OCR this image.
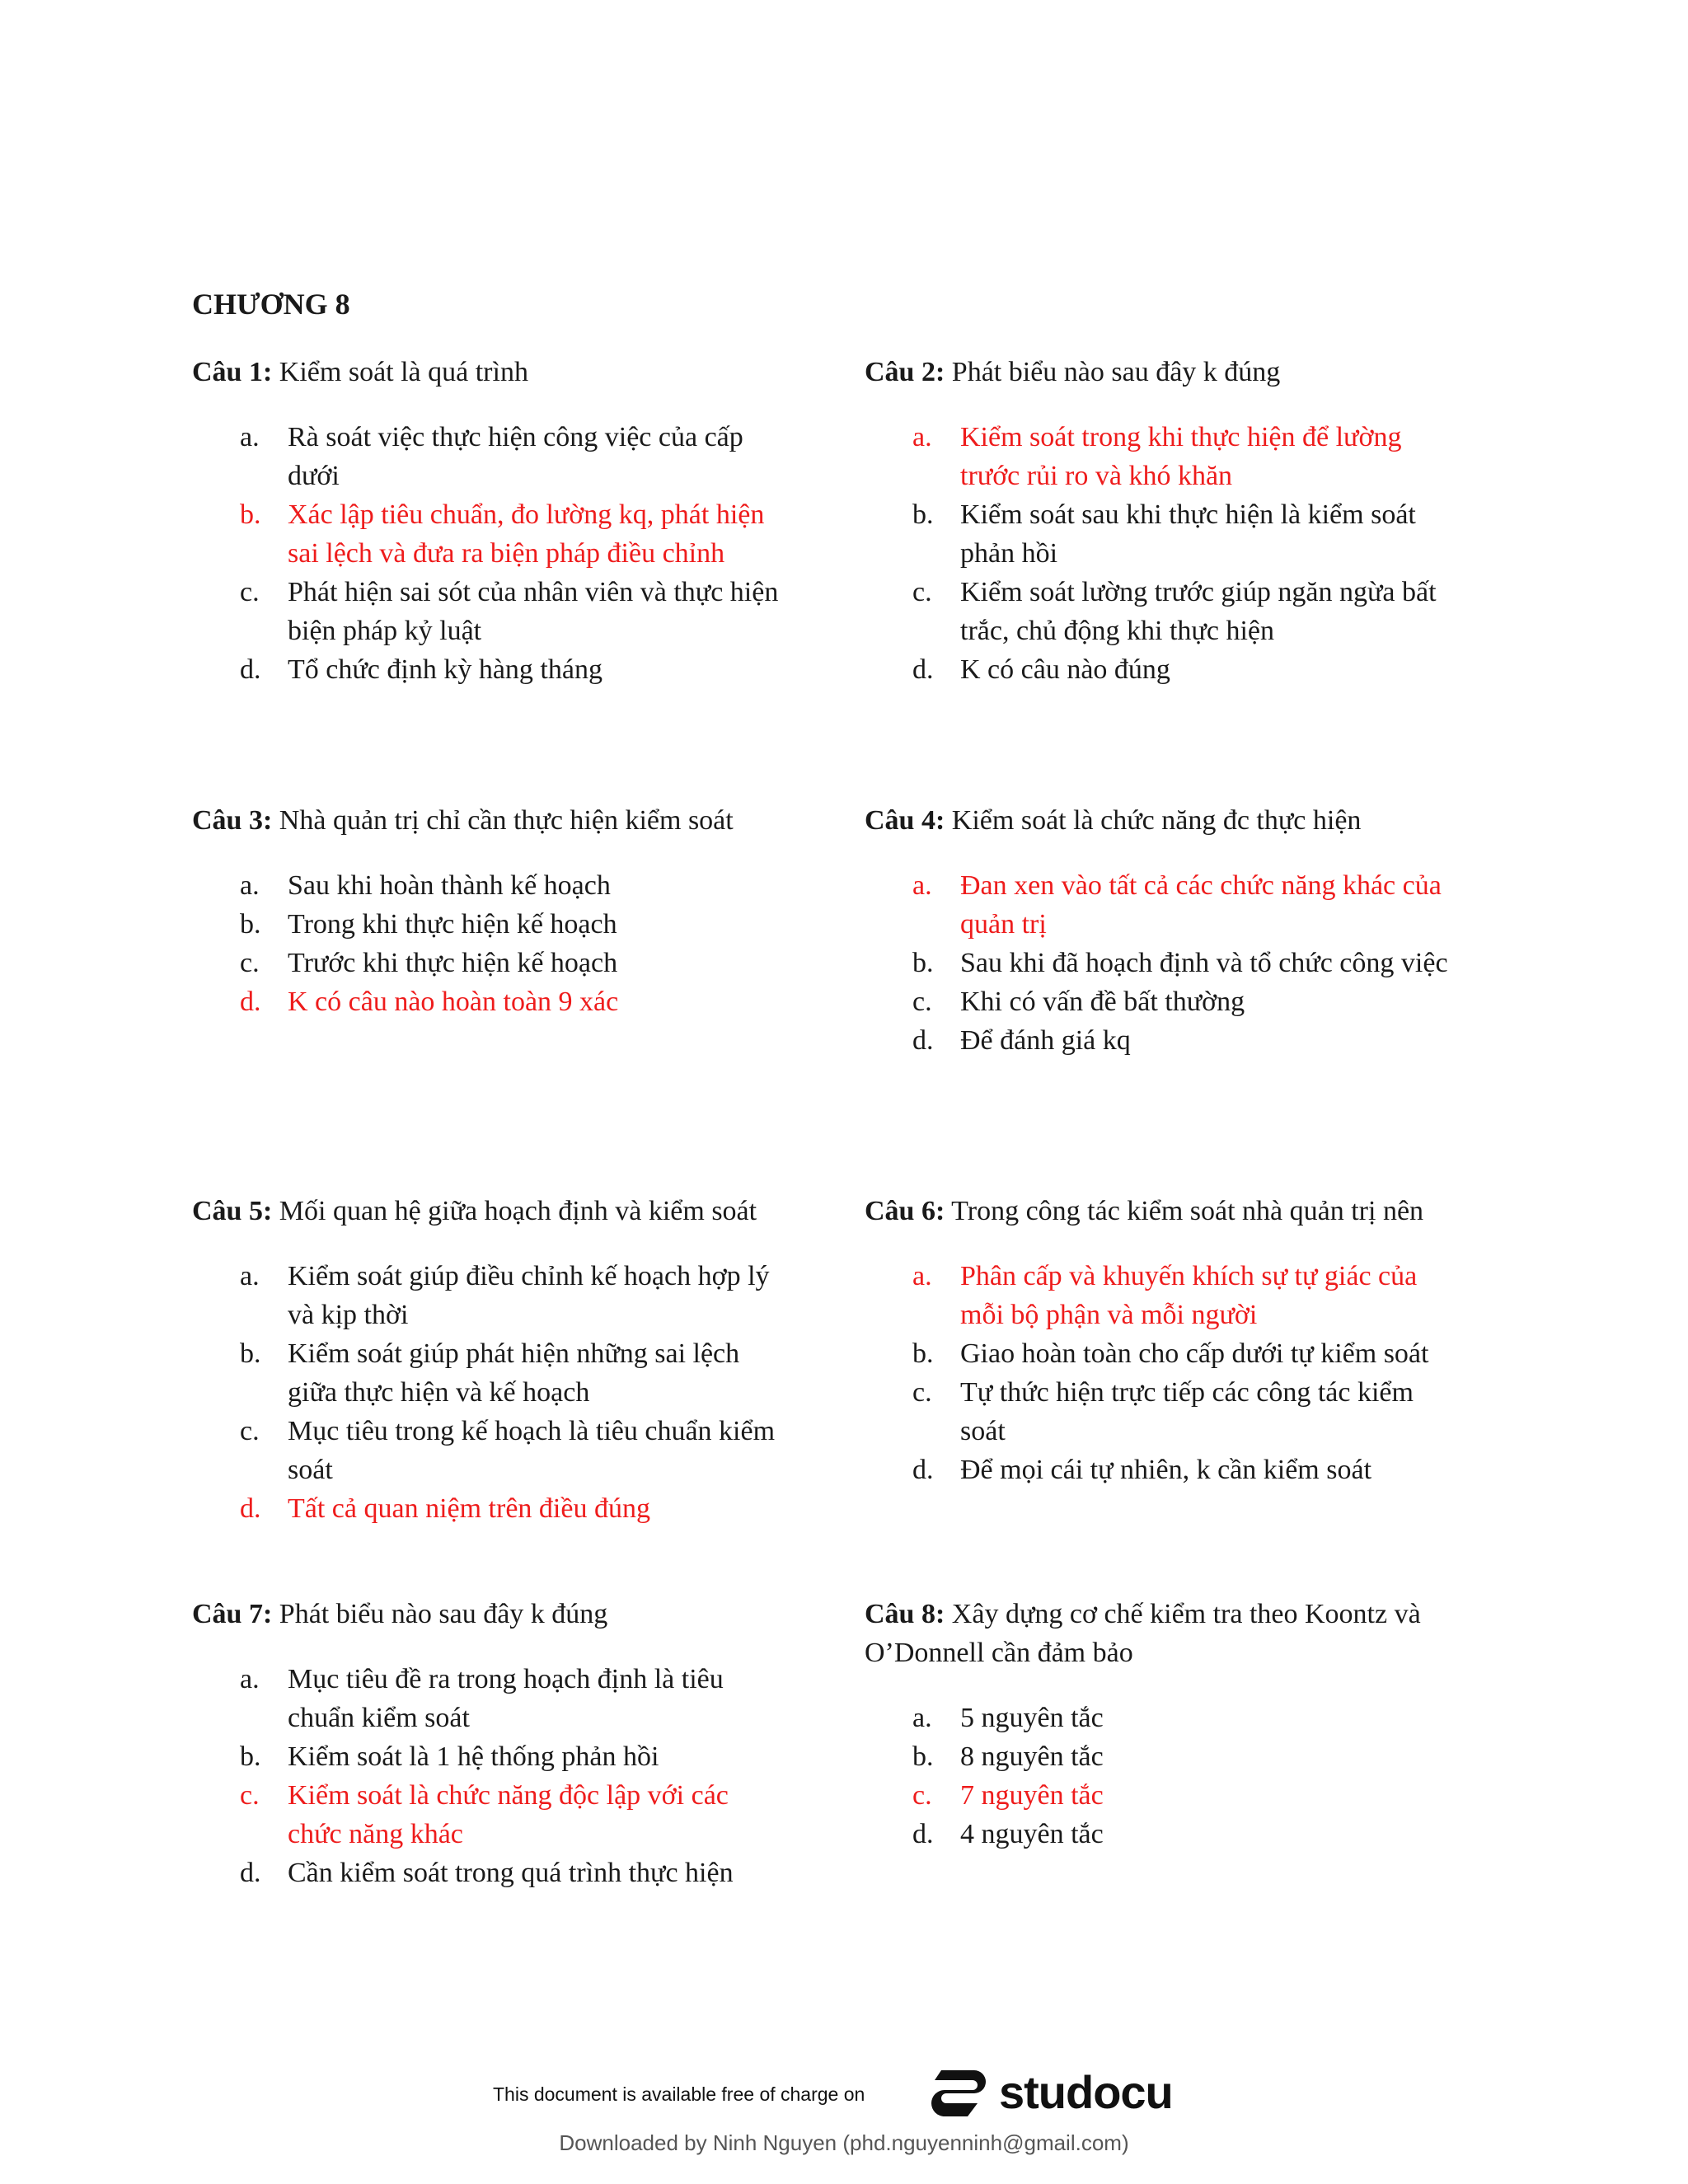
CHƯƠNG 8

Câu 1: Kiểm soát là quá trình

a.	Rà soát việc thực hiện công việc của cấp dưới
b. Xác lập tiêu chuẩn, đo lường kq, phát hiện sai lệch và đưa ra biện pháp điều chỉnh
c.	Phát hiện sai sót của nhân viên và thực hiện biện pháp kỷ luật
d. Tổ chức định kỳ hàng tháng

Câu 2: Phát biểu nào sau đây k đúng

a.	Kiểm soát trong khi thực hiện để lường trước rủi ro và khó khăn
b. Kiểm soát sau khi thực hiện là kiểm soát phản hồi
c.	Kiểm soát lường trước giúp ngăn ngừa bất trắc, chủ động khi thực hiện
d. K có câu nào đúng

Câu 3: Nhà quản trị chỉ cần thực hiện kiểm soát

a.	Sau khi hoàn thành kế hoạch
b. Trong khi thực hiện kế hoạch
c.	Trước khi thực hiện kế hoạch
d. K có câu nào hoàn toàn 9 xác

Câu 4: Kiểm soát là chức năng đc thực hiện

a.	Đan xen vào tất cả các chức năng khác của quản trị
b. Sau khi đã hoạch định và tổ chức công việc
c.	Khi có vấn đề bất thường
d. Để đánh giá kq

Câu 5: Mối quan hệ giữa hoạch định và kiểm soát

a.	Kiểm soát giúp điều chỉnh kế hoạch hợp lý và kịp thời
b. Kiểm soát giúp phát hiện những sai lệch giữa thực hiện và kế hoạch
c.	Mục tiêu trong kế hoạch là tiêu chuẩn kiểm soát
d. Tất cả quan niệm trên điều đúng

Câu 6: Trong công tác kiểm soát nhà quản trị nên

a.	Phân cấp và khuyến khích sự tự giác của mỗi bộ phận và mỗi người
b. Giao hoàn toàn cho cấp dưới tự kiểm soát
c.	Tự thức hiện trực tiếp các công tác kiểm soát
d. Để mọi cái tự nhiên, k cần kiểm soát

Câu 7: Phát biểu nào sau đây k đúng

a.	Mục tiêu đề ra trong hoạch định là tiêu chuẩn kiểm soát
b. Kiểm soát là 1 hệ thống phản hồi
c.	Kiểm soát là chức năng độc lập với các chức năng khác
d. Cần kiểm soát trong quá trình thực hiện

Câu 8: Xây dựng cơ chế kiểm tra theo Koontz và O’Donnell cần đảm bảo

a.	5 nguyên tắc
b. 8 nguyên tắc
c.	7 nguyên tắc
d. 4 nguyên tắc
This document is available free of charge on	studocu
Downloaded by Ninh Nguyen (phd.nguyenninh@gmail.com)
